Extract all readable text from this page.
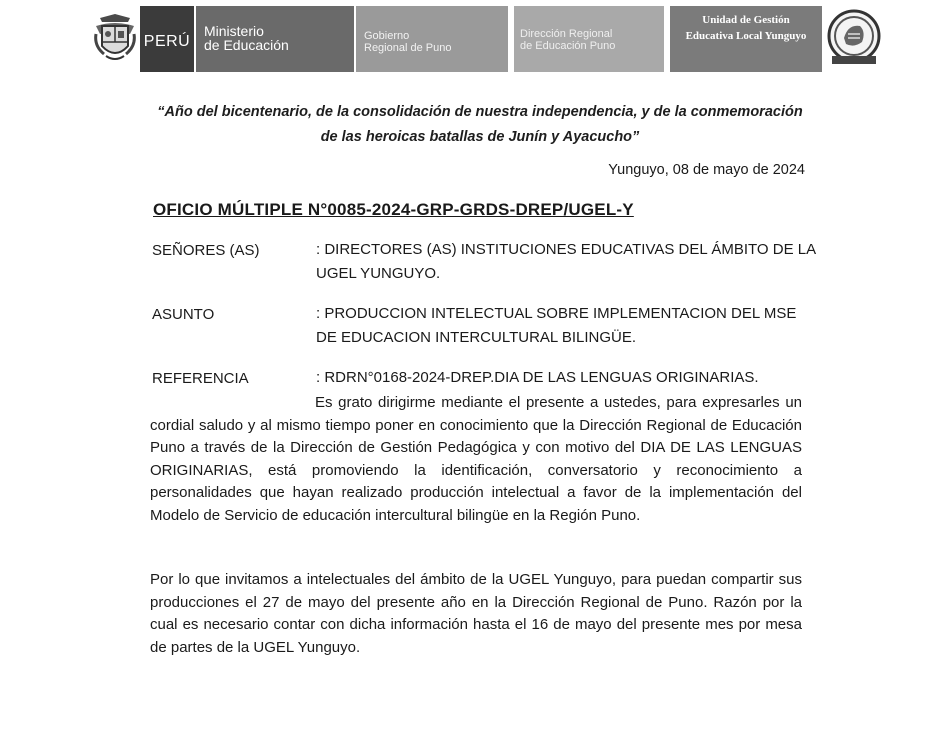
PERÚ
Ministerio
de Educación
Gobierno
Regional de Puno
Dirección Regional
de Educación Puno
Unidad de Gestión
Educativa Local Yunguyo
“Año del bicentenario, de la consolidación de nuestra independencia, y de la conmemoración
de las heroicas batallas de Junín y Ayacucho”
Yunguyo, 08 de mayo de 2024
OFICIO MÚLTIPLE N°0085-2024-GRP-GRDS-DREP/UGEL-Y
SEÑORES (AS)	: DIRECTORES (AS) INSTITUCIONES EDUCATIVAS DEL ÁMBITO DE LA UGEL YUNGUYO.
ASUNTO	: PRODUCCION INTELECTUAL SOBRE IMPLEMENTACION DEL MSE DE EDUCACION INTERCULTURAL BILINGÜE.
REFERENCIA	: RDRN°0168-2024-DREP.DIA DE LAS LENGUAS ORIGINARIAS.
Es grato dirigirme mediante el presente a ustedes, para expresarles un cordial saludo y al mismo tiempo poner en conocimiento que la Dirección Regional de Educación Puno a través de la Dirección de Gestión Pedagógica y con motivo del DIA DE LAS LENGUAS ORIGINARIAS, está promoviendo la identificación, conversatorio y reconocimiento a personalidades que hayan realizado producción intelectual a favor de la implementación del Modelo de Servicio de educación intercultural bilingüe en la Región Puno.
Por lo que invitamos a intelectuales del ámbito de la UGEL Yunguyo, para puedan compartir sus producciones el 27 de mayo del presente año en la Dirección Regional de Puno. Razón por la cual es necesario contar con dicha información hasta el 16 de mayo del presente mes por mesa de partes de la UGEL Yunguyo.
